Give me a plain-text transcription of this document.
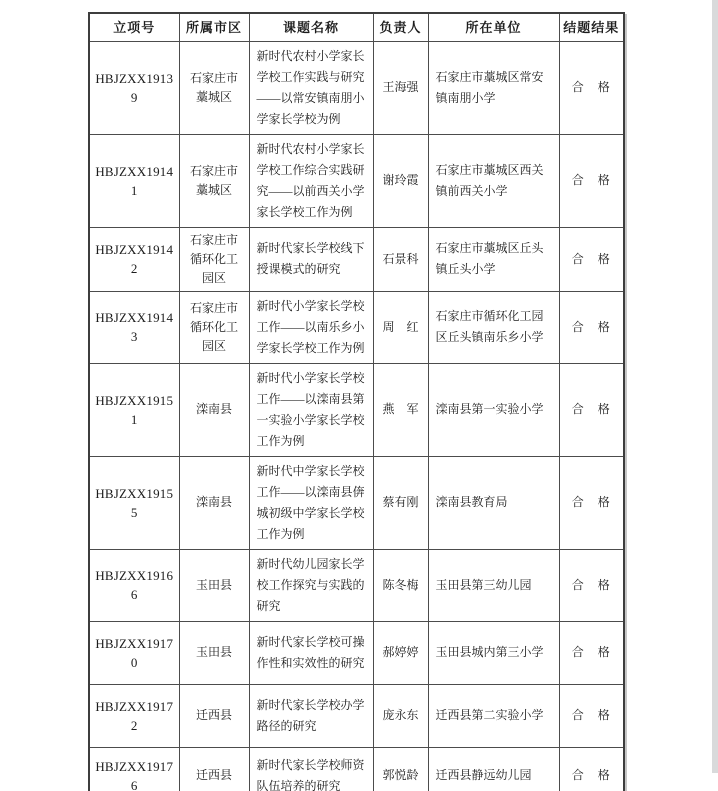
立项号	所属市区	课题名称	负责人	所在单位	结题结果
HBJZXX19139	石家庄市藁城区	新时代农村小学家长学校工作实践与研究——以常安镇南朋小学家长学校为例	王海强	石家庄市藁城区常安镇南朋小学	合　格
HBJZXX19141	石家庄市藁城区	新时代农村小学家长学校工作综合实践研究——以前西关小学家长学校工作为例	谢玲霞	石家庄市藁城区西关镇前西关小学	合　格
HBJZXX19142	石家庄市循环化工园区	新时代家长学校线下授课模式的研究	石景科	石家庄市藁城区丘头镇丘头小学	合　格
HBJZXX19143	石家庄市循环化工园区	新时代小学家长学校工作——以南乐乡小学家长学校工作为例	周　红	石家庄市循环化工园区丘头镇南乐乡小学	合　格
HBJZXX19151	滦南县	新时代小学家长学校工作——以滦南县第一实验小学家长学校工作为例	燕　军	滦南县第一实验小学	合　格
HBJZXX19155	滦南县	新时代中学家长学校工作——以滦南县倴城初级中学家长学校工作为例	蔡有刚	滦南县教育局	合　格
HBJZXX19166	玉田县	新时代幼儿园家长学校工作探究与实践的研究	陈冬梅	玉田县第三幼儿园	合　格
HBJZXX19170	玉田县	新时代家长学校可操作性和实效性的研究	郝婷婷	玉田县城内第三小学	合　格
HBJZXX19172	迁西县	新时代家长学校办学路径的研究	庞永东	迁西县第二实验小学	合　格
HBJZXX19176	迁西县	新时代家长学校师资队伍培养的研究	郭悦龄	迁西县静远幼儿园	合　格
